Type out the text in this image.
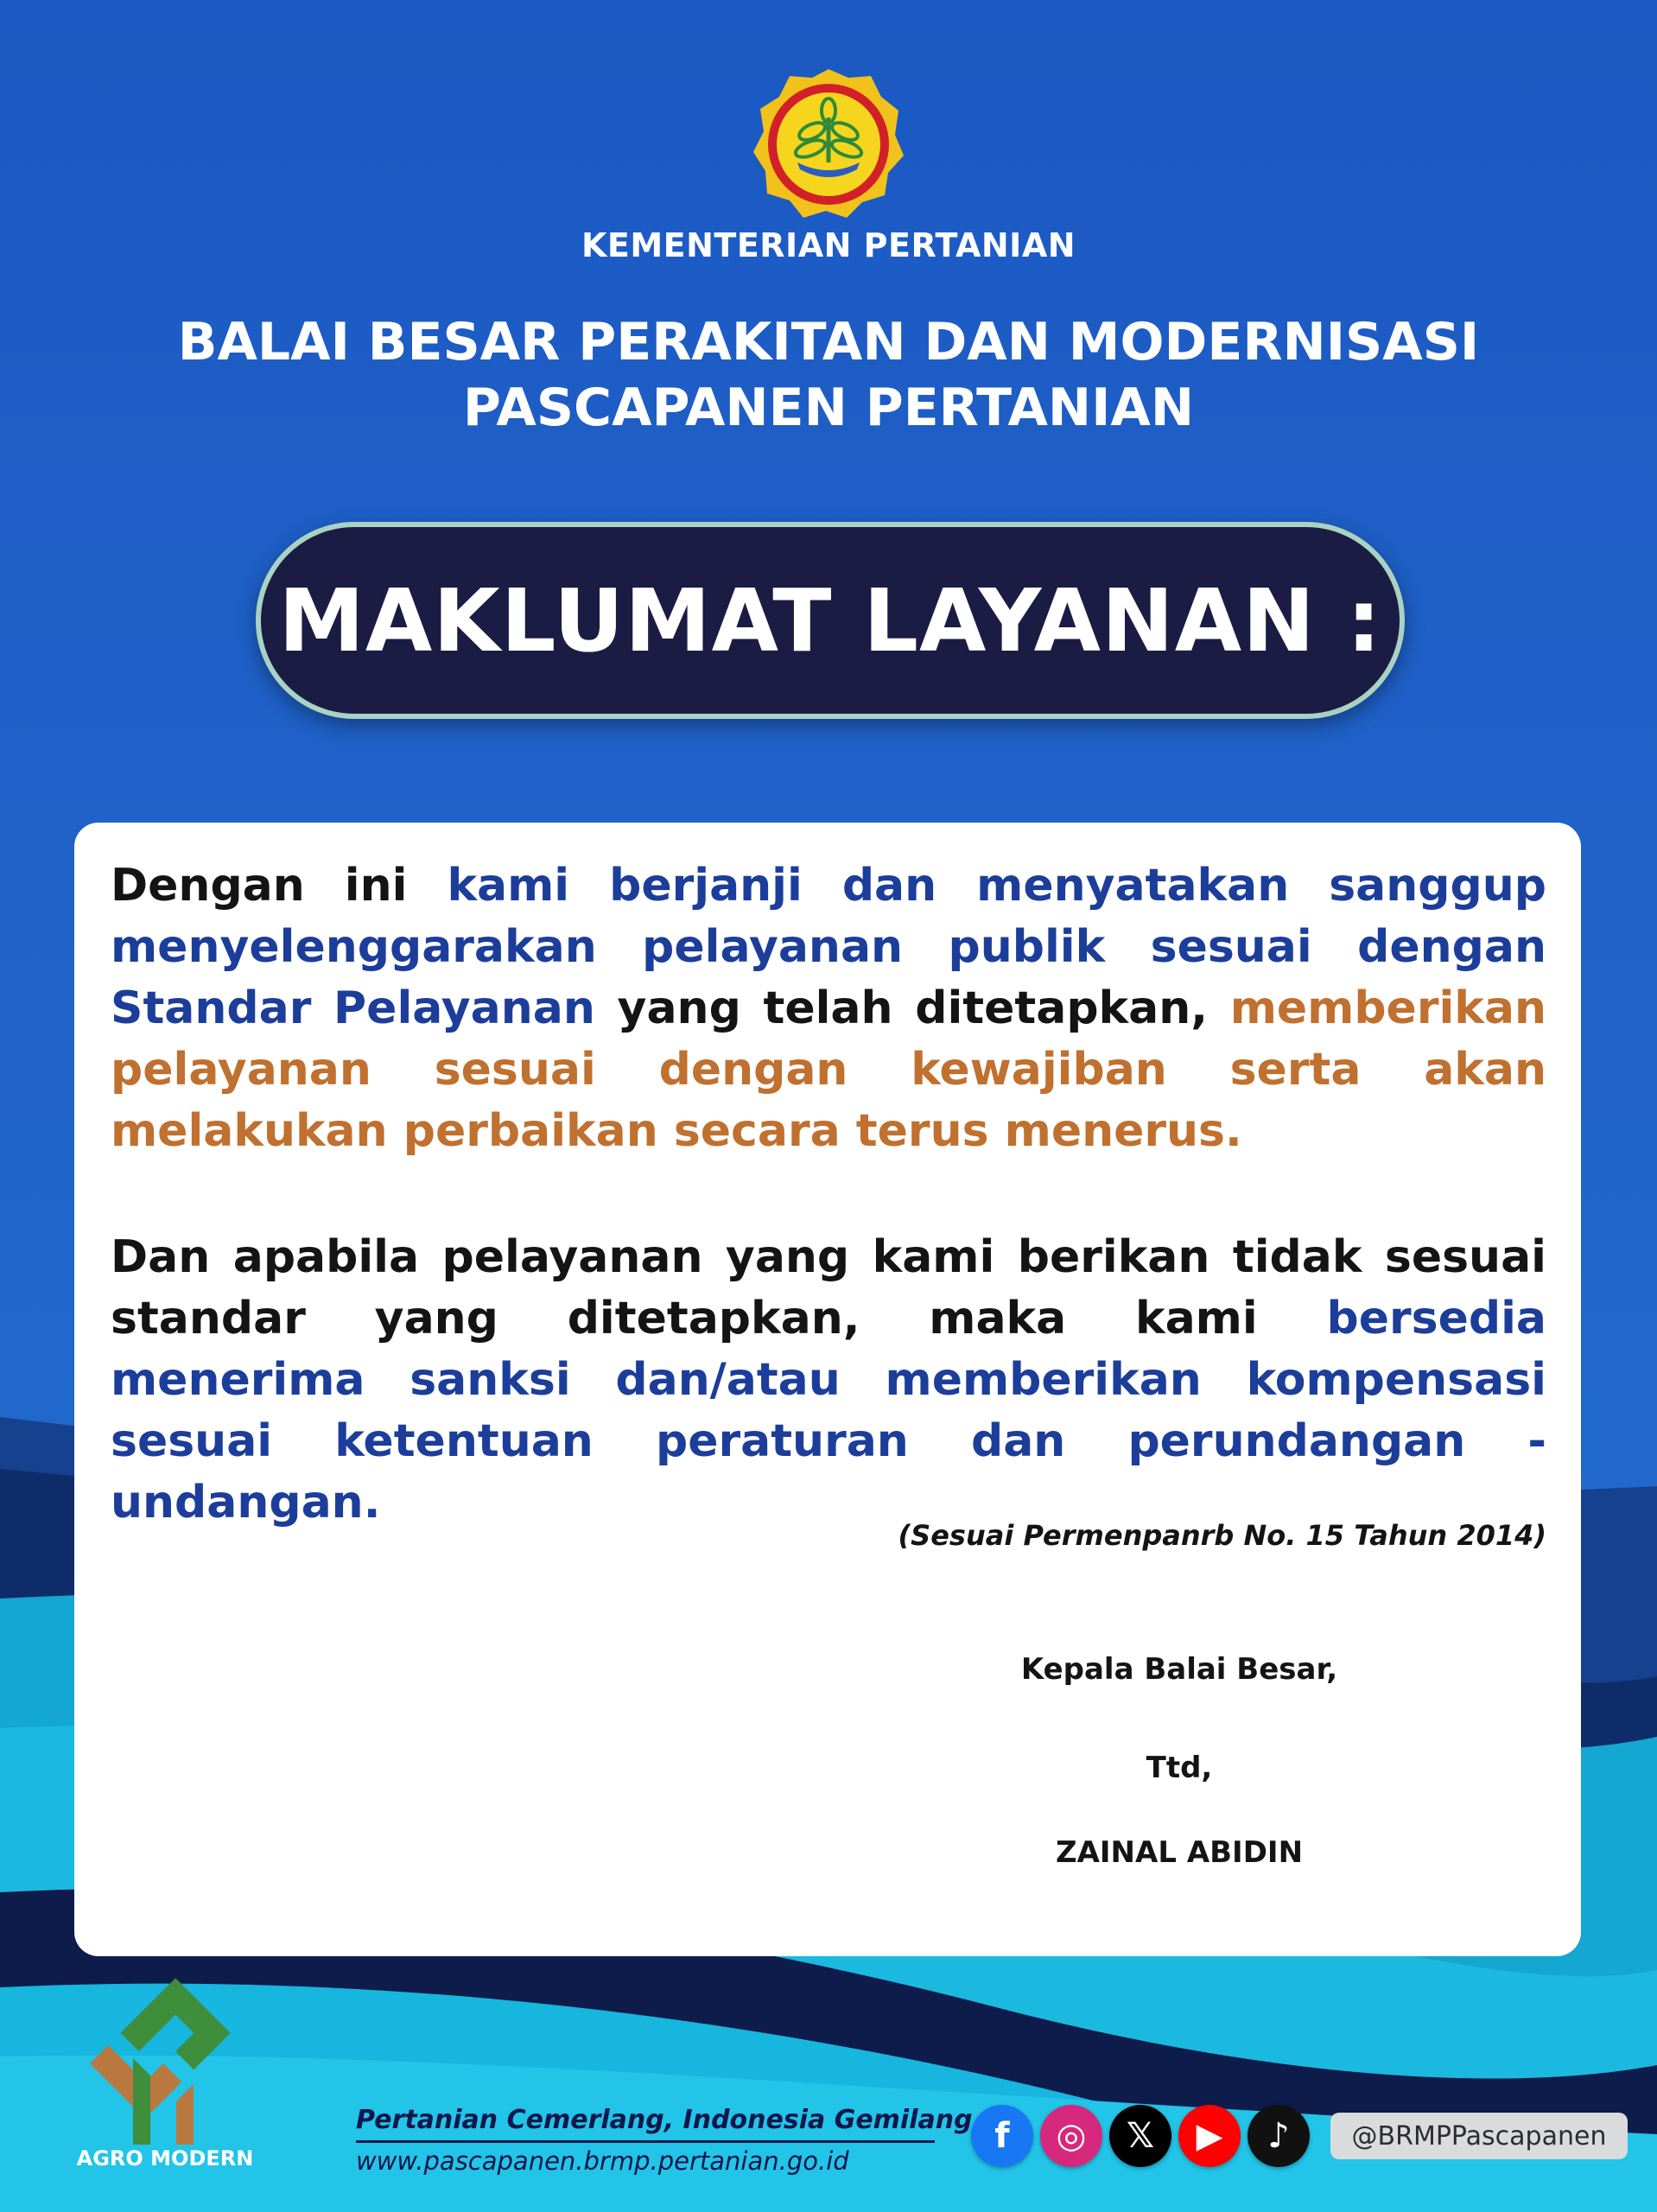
KEMENTERIAN PERTANIAN
BALAI BESAR PERAKITAN DAN MODERNISASI
PASCAPANEN PERTANIAN
MAKLUMAT LAYANAN :
Dengan ini kami berjanji dan menyatakan sanggup menyelenggarakan pelayanan publik sesuai dengan Standar Pelayanan yang telah ditetapkan, memberikan pelayanan sesuai dengan kewajiban serta akan melakukan perbaikan secara terus menerus.
Dan apabila pelayanan yang kami berikan tidak sesuai standar yang ditetapkan, maka kami bersedia menerima sanksi dan/atau memberikan kompensasi sesuai ketentuan peraturan dan perundangan - undangan.
(Sesuai Permenpanrb No. 15 Tahun 2014)
Kepala Balai Besar,
Ttd,
ZAINAL ABIDIN
AGRO MODERN
Pertanian Cemerlang, Indonesia Gemilang
www.pascapanen.brmp.pertanian.go.id
f ◎ 𝕏 ▶ ♪	@BRMPPascapanen
